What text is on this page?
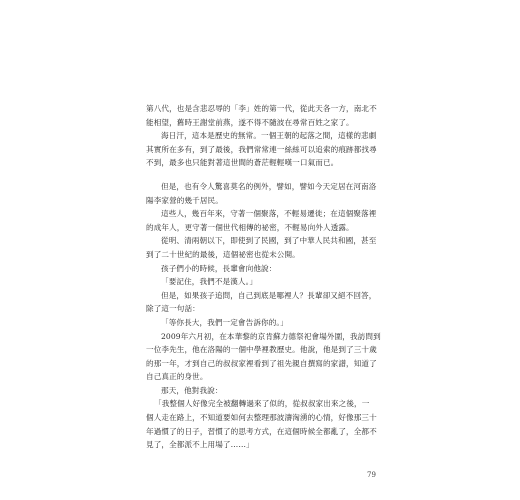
第八代，也是含悲忍辱的「李」姓的第一代，從此天各一方，南北不
能相望，舊時王謝堂前燕，遂不得不隨波在尋常百姓之家了。
海日汗，這本是歷史的無常。一個王朝的起落之間，這樣的悲劇
其實所在多有，到了最後，我們常常連一絲絲可以追索的痕跡都找尋
不到，最多也只能對著這世間的蒼茫輕輕嘆一口氣而已。
但是，也有令人驚喜莫名的例外，譬如，譬如今天定居在河南洛
陽李家營的幾千居民。
這些人，幾百年來，守著一個聚落，不輕易遷徙；在這個聚落裡
的成年人，更守著一個世代相傳的祕密，不輕易向外人透露。
從明、清兩朝以下，即使到了民國，到了中華人民共和國，甚至
到了二十世紀的最後，這個祕密也從未公開。
孩子們小的時候，長輩會向他說：
「要記住，我們不是漢人。」
但是，如果孩子追問，自己到底是哪裡人？長輩卻又絕不回答，
除了這一句話：
「等你長大，我們一定會告訴你的。」
2009年六月初，在本華黎的京肯蘇力德祭祀會場外圍，我訪問到
一位李先生，他在洛陽的一個中學裡教歷史。他說，他是到了三十歲
的那一年，才到自己的叔叔家裡看到了祖先親自撰寫的家譜，知道了
自己真正的身世。
那天，他對我說：
「我整個人好像完全被翻轉過來了似的，從叔叔家出來之後，一
個人走在路上，不知道要如何去整理那波濤洶湧的心情，好像那三十
年過慣了的日子，習慣了的思考方式，在這個時候全都亂了，全都不
見了，全都派不上用場了……」
79
